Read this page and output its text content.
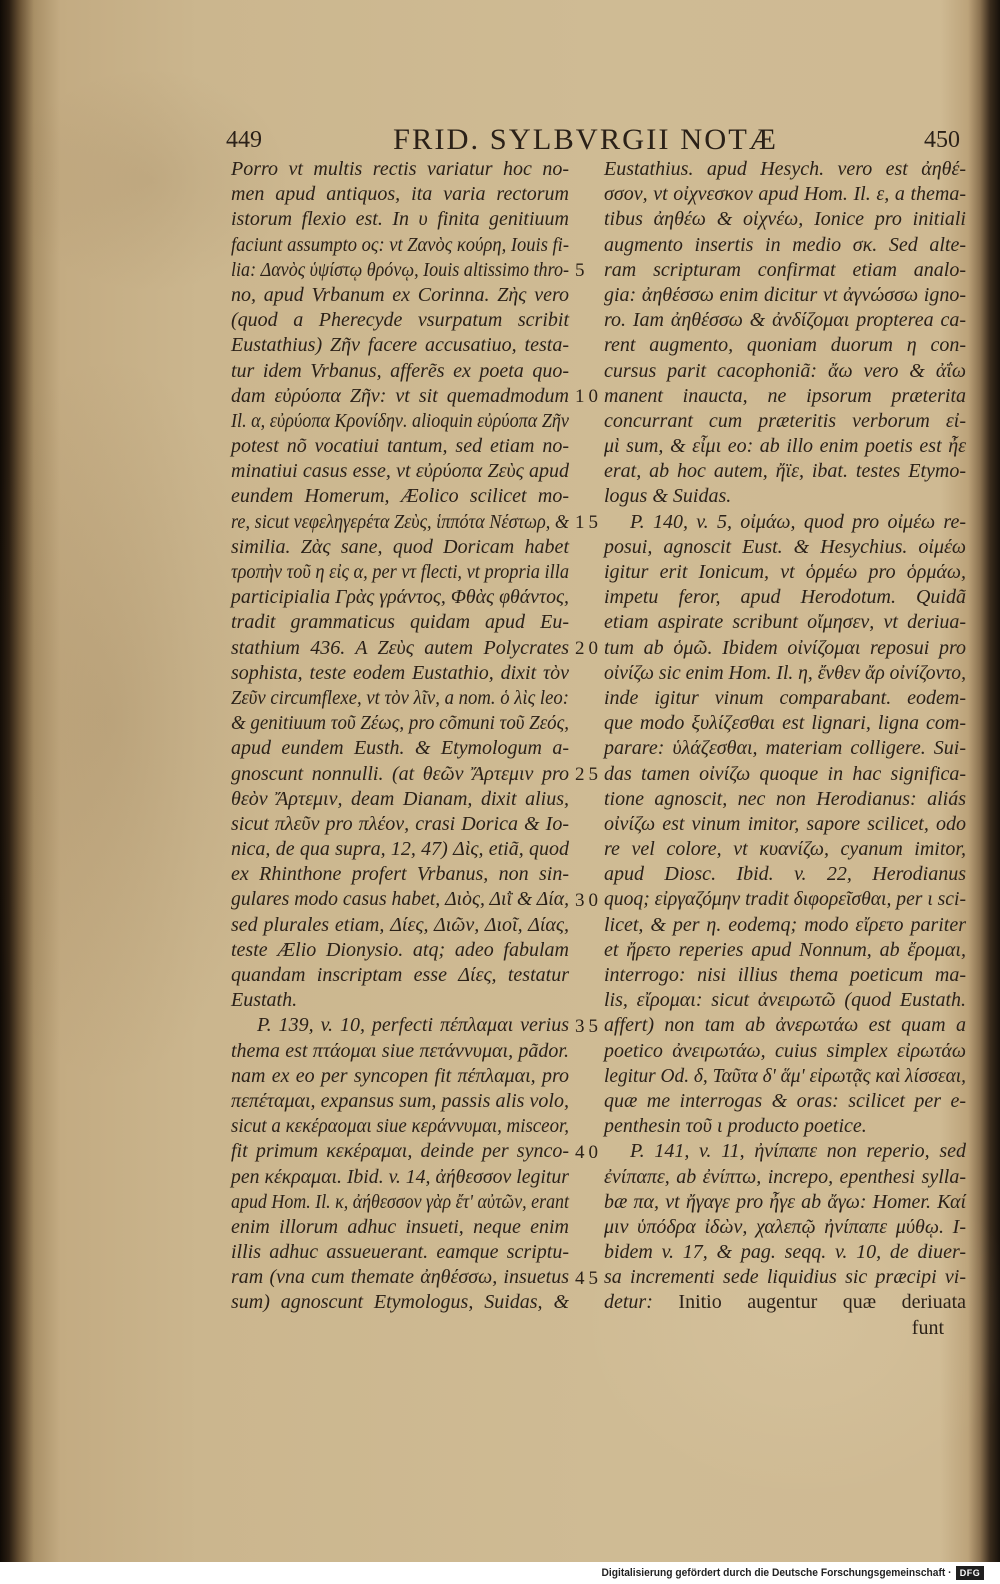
449	FRID. SYLBVRGII NOTÆ	450
Porro vt multis rectis variatur hoc no-
men apud antiquos, ita varia rectorum
istorum flexio est. In υ finita genitiuum
faciunt assumpto ος: vt Ζανὸς κούρη, Iouis fi-
lia: Δανὸς ὑψίστῳ θρόνῳ, Iouis altissimo thro-
no, apud Vrbanum ex Corinna. Ζὴς vero
(quod a Pherecyde vsurpatum scribit
Eustathius) Ζῆν facere accusatiuo, testa-
tur idem Vrbanus, afferẽs ex poeta quo-
dam εὐρύοπα Ζῆν: vt sit quemadmodum
Il. α, εὐρύοπα Κρονίδην. alioquin εὐρύοπα Ζῆν
potest nõ vocatiui tantum, sed etiam no-
minatiui casus esse, vt εὐρύοπα Ζεὺς apud
eundem Homerum, Æolico scilicet mo-
re, sicut νεφεληγερέτα Ζεὺς, ἱππότα Νέστωρ, &
similia. Ζὰς sane, quod Doricam habet
τροπὴν τοῦ η εἰς α, per ντ flecti, vt propria illa
participialia Γρὰς γράντος, Φθὰς φθάντος,
tradit grammaticus quidam apud Eu-
stathium 436. A Ζεὺς autem Polycrates
sophista, teste eodem Eustathio, dixit τὸν
Ζεῦν circumflexe, vt τὸν λῖν, a nom. ὁ λὶς leo:
& genitiuum τοῦ Ζέως, pro cõmuni τοῦ Ζεός,
apud eundem Eusth. & Etymologum a-
gnoscunt nonnulli. (at θεῶν Ἄρτεμιν pro
θεὸν Ἄρτεμιν, deam Dianam, dixit alius,
sicut πλεῦν pro πλέον, crasi Dorica & Io-
nica, de qua supra, 12, 47) Δὶς, etiã, quod
ex Rhinthone profert Vrbanus, non sin-
gulares modo casus habet, Διὸς, Διῒ & Δία,
sed plurales etiam, Δίες, Διῶν, Διοῖ, Δίας,
teste Ælio Dionysio. atq; adeo fabulam
quandam inscriptam esse Δίες, testatur
Eustath.
P. 139, v. 10, perfecti πέπλαμαι verius
thema est πτάομαι siue πετάννυμαι, pãdor.
nam ex eo per syncopen fit πέπλαμαι, pro
πεπέταμαι, expansus sum, passis alis volo,
sicut a κεκέραομαι siue κεράννυμαι, misceor,
fit primum κεκέραμαι, deinde per synco-
pen κέκραμαι. Ibid. v. 14, ἀήθεσσον legitur
apud Hom. Il. κ, ἀήθεσσον γὰρ ἔτ' αὐτῶν, erant
enim illorum adhuc insueti, neque enim
illis adhuc assueuerant. eamque scriptu-
ram (vna cum themate ἀηθέσσω, insuetus
sum) agnoscunt Etymologus, Suidas, &
5
10
15
20
25
30
35
40
45
Eustathius. apud Hesych. vero est ἀηθέ-
σσον, vt οἰχνεσκον apud Hom. Il. ε, a thema-
tibus ἀηθέω & οἰχνέω, Ionice pro initiali
augmento insertis in medio σκ. Sed alte-
ram scripturam confirmat etiam analo-
gia: ἀηθέσσω enim dicitur vt ἀγνώσσω igno-
ro. Iam ἀηθέσσω & ἀνδίζομαι propterea ca-
rent augmento, quoniam duorum η con-
cursus parit cacophoniã: ἄω vero & ἀΐω
manent inaucta, ne ipsorum præterita
concurrant cum præteritis verborum εἰ-
μὶ sum, & εἶμι eo: ab illo enim poetis est ἦε
erat, ab hoc autem, ἤϊε, ibat. testes Etymo-
logus & Suidas.
P. 140, v. 5, οἰμάω, quod pro οἰμέω re-
posui, agnoscit Eust. & Hesychius. οἰμέω
igitur erit Ionicum, vt ὁρμέω pro ὁρμάω,
impetu feror, apud Herodotum. Quidã
etiam aspirate scribunt οἴμησεν, vt deriua-
tum ab ὁμῶ. Ibidem οἰνίζομαι reposui pro
οἰνίζω sic enim Hom. Il. η, ἔνθεν ἄρ οἰνίζοντο,
inde igitur vinum comparabant. eodem-
que modo ξυλίζεσθαι est lignari, ligna com-
parare: ὑλάζεσθαι, materiam colligere. Sui-
das tamen οἰνίζω quoque in hac significa-
tione agnoscit, nec non Herodianus: aliás
οἰνίζω est vinum imitor, sapore scilicet, odo
re vel colore, vt κυανίζω, cyanum imitor,
apud Diosc. Ibid. v. 22, Herodianus
quoq; εἰργαζόμην tradit διφορεῖσθαι, per ι sci-
licet, & per η. eodemq; modo εἴρετο pariter
et ἤρετο reperies apud Nonnum, ab ἔρομαι,
interrogo: nisi illius thema poeticum ma-
lis, εἴρομαι: sicut ἀνειρωτῶ (quod Eustath.
affert) non tam ab ἀνερωτάω est quam a
poetico ἀνειρωτάω, cuius simplex εἰρωτάω
legitur Od. δ, Ταῦτα δ' ἅμ' εἰρωτᾷς καὶ λίσσεαι,
quæ me interrogas & oras: scilicet per e-
penthesin τοῦ ι producto poetice.
P. 141, v. 11, ἠνίπαπε non reperio, sed
ἐνίπαπε, ab ἐνίπτω, increpo, epenthesi sylla-
bæ πα, vt ἤγαγε pro ἦγε ab ἄγω: Homer. Καί
μιν ὑπόδρα ἰδὼν, χαλεπῷ ἠνίπαπε μύθῳ. I-
bidem v. 17, & pag. seqq. v. 10, de diuer-
sa incrementi sede liquidius sic præcipi vi-
detur: Initio augentur quæ deriuata
funt
Digitalisierung gefördert durch die Deutsche Forschungsgemeinschaft · DFG
